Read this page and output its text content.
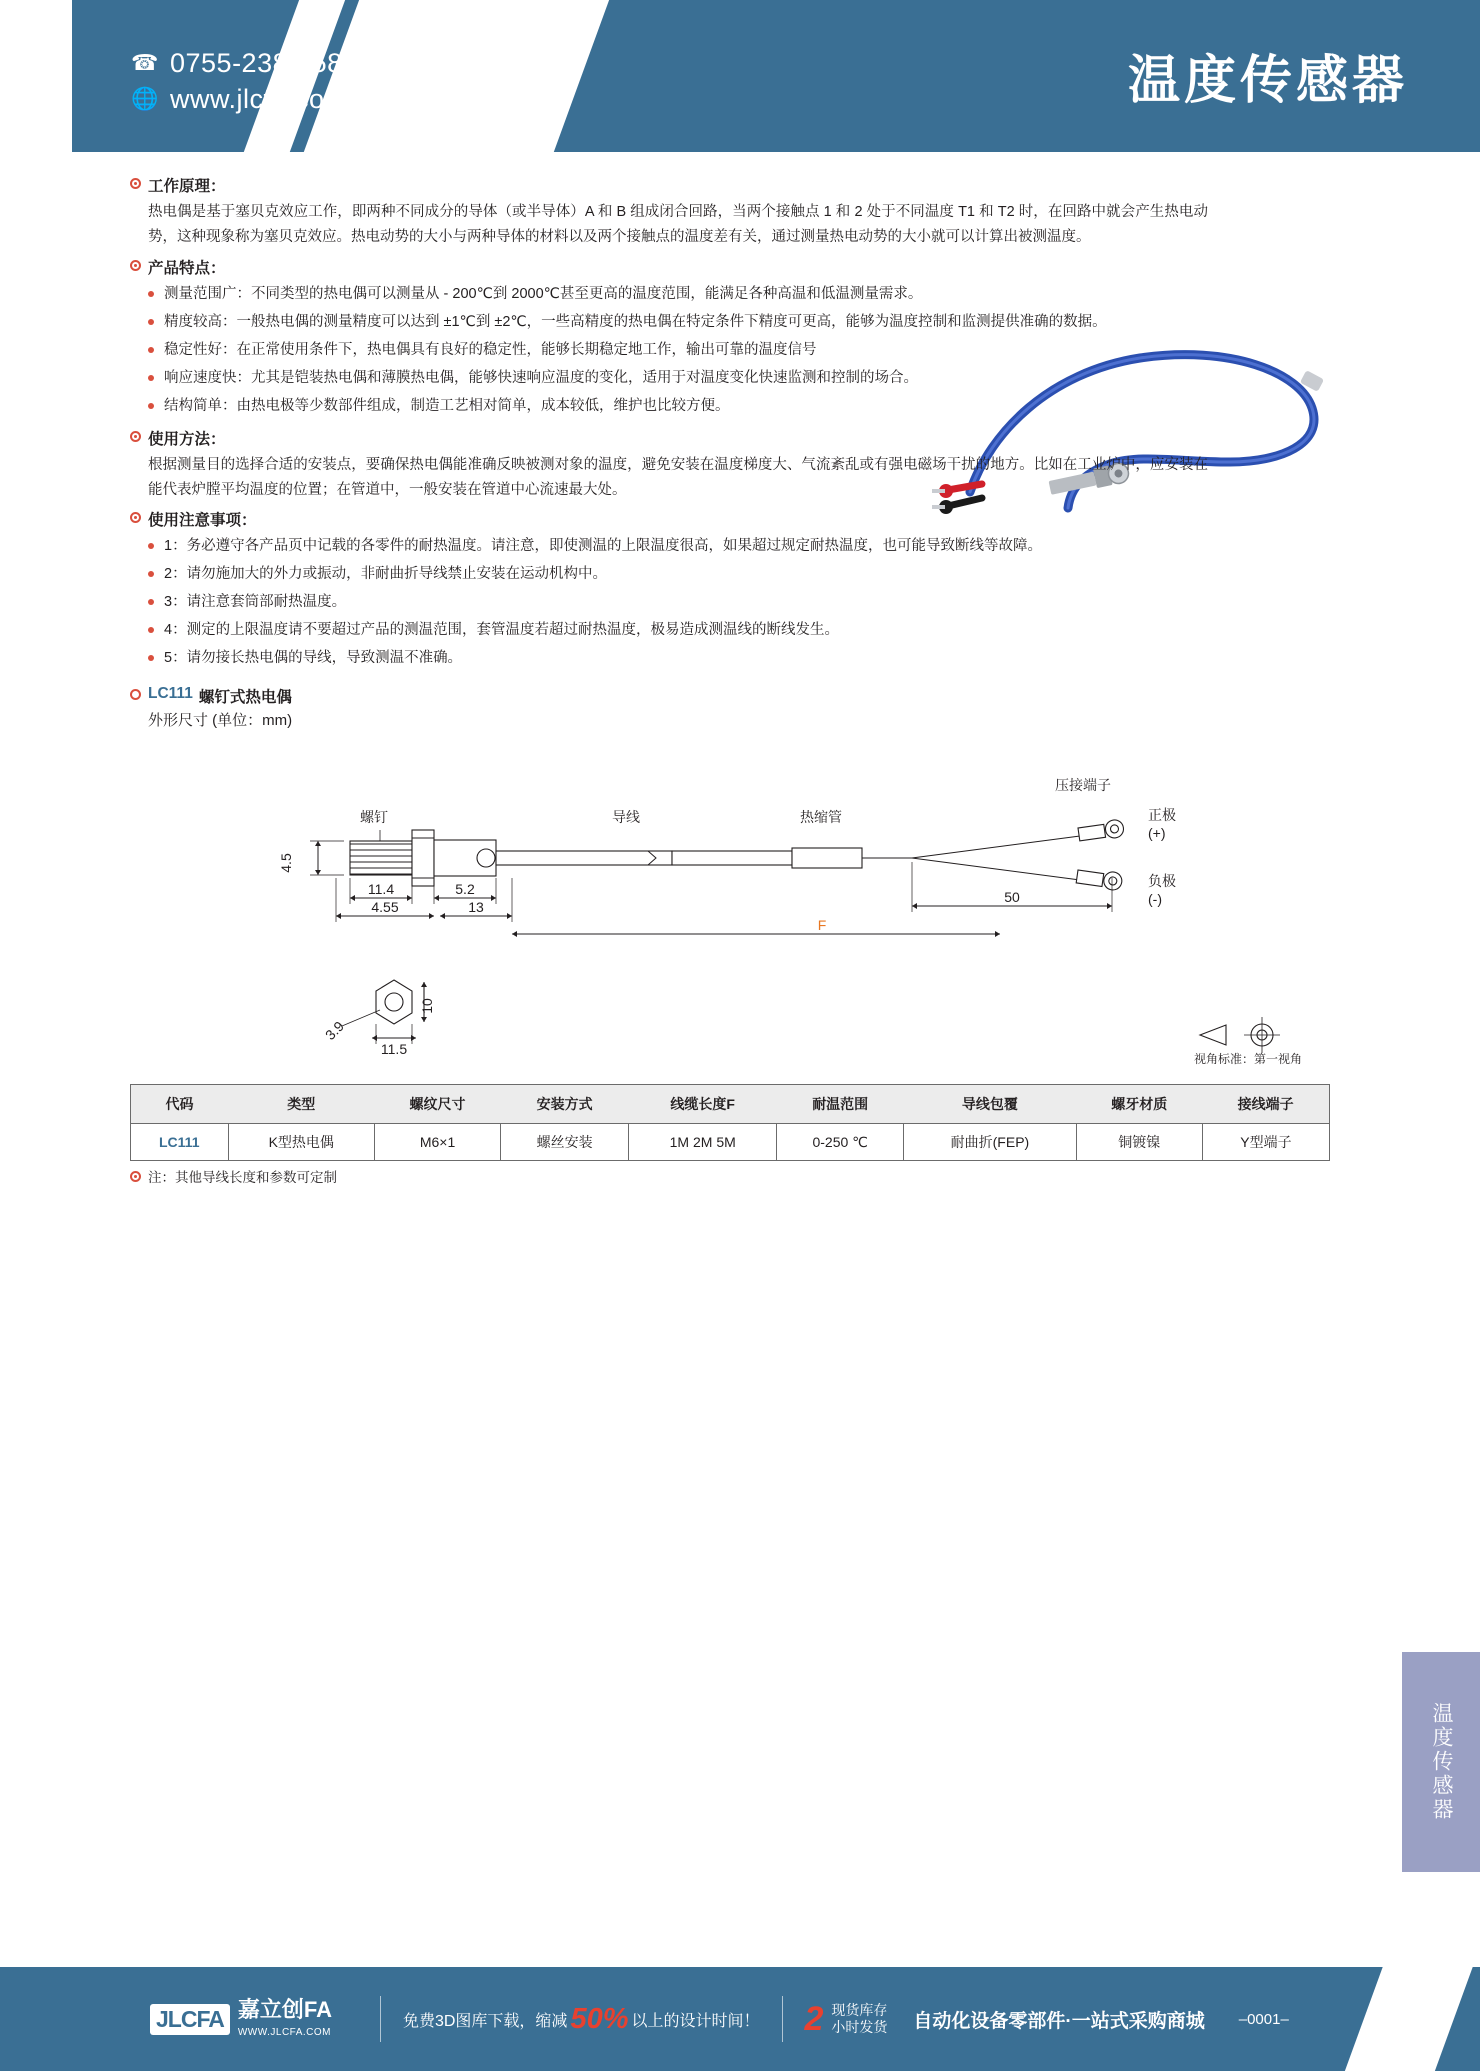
☎ 0755-2389 5859
🌐 www.jlcfa.com	温度传感器
工作原理：

热电偶是基于塞贝克效应工作，即两种不同成分的导体（或半导体）A 和 B 组成闭合回路，当两个接触点 1 和 2 处于不同温度 T1 和 T2 时，在回路中就会产生热电动势，这种现象称为塞贝克效应。热电动势的大小与两种导体的材料以及两个接触点的温度差有关，通过测量热电动势的大小就可以计算出被测温度。

产品特点：
测量范围广：不同类型的热电偶可以测量从 - 200℃到 2000℃甚至更高的温度范围，能满足各种高温和低温测量需求。
精度较高：一般热电偶的测量精度可以达到 ±1℃到 ±2℃，一些高精度的热电偶在特定条件下精度可更高，能够为温度控制和监测提供准确的数据。
稳定性好：在正常使用条件下，热电偶具有良好的稳定性，能够长期稳定地工作，输出可靠的温度信号
响应速度快：尤其是铠装热电偶和薄膜热电偶，能够快速响应温度的变化，适用于对温度变化快速监测和控制的场合。
结构简单：由热电极等少数部件组成，制造工艺相对简单，成本较低，维护也比较方便。
使用方法：

根据测量目的选择合适的安装点，要确保热电偶能准确反映被测对象的温度，避免安装在温度梯度大、气流紊乱或有强电磁场干扰的地方。比如在工业炉中，应安装在能代表炉膛平均温度的位置；在管道中，一般安装在管道中心流速最大处。

使用注意事项：
1：务必遵守各产品页中记载的各零件的耐热温度。请注意，即使测温的上限温度很高，如果超过规定耐热温度，也可能导致断线等故障。
2：请勿施加大的外力或振动，非耐曲折导线禁止安装在运动机构中。
3：请注意套筒部耐热温度。
4：测定的上限温度请不要超过产品的测温范围，套管温度若超过耐热温度，极易造成测温线的断线发生。
5：请勿接长热电偶的导线，导致测温不准确。
LC111 螺钉式热电偶
外形尺寸 (单位：mm)
螺钉	导线	热缩管
压接端子
正极
(+)
负极
(-)
4.5
11.4	5.2
4.55	13
F
50
3.9
10
11.5
视角标准：第一视角
代码	类型	螺纹尺寸	安装方式	线缆长度F	耐温范围	导线包覆	螺牙材质	接线端子
LC111	K型热电偶	M6×1	螺丝安装	1M 2M 5M	0-250 ℃	耐曲折(FEP)	铜镀镍	Y型端子
注：其他导线长度和参数可定制
温度传感器
JLCFA 嘉立创FA
WWW.JLCFA.COM
免费3D图库下载，缩减 50% 以上的设计时间！ 2 现货库存
小时发货 自动化设备零部件·一站式采购商城 –0001–
